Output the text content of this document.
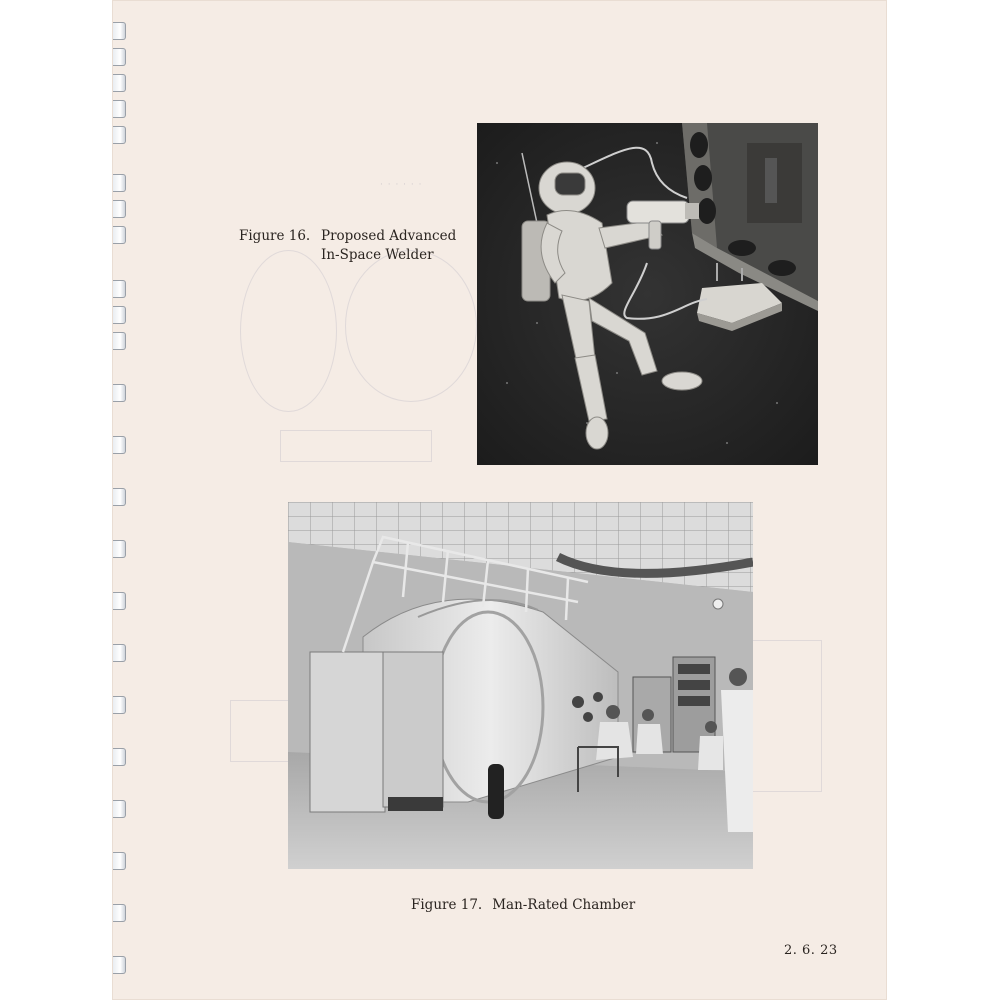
· · · · · ·
Figure 16. Proposed Advanced
In-Space Welder
Figure 17. Man-Rated Chamber
2. 6. 23
